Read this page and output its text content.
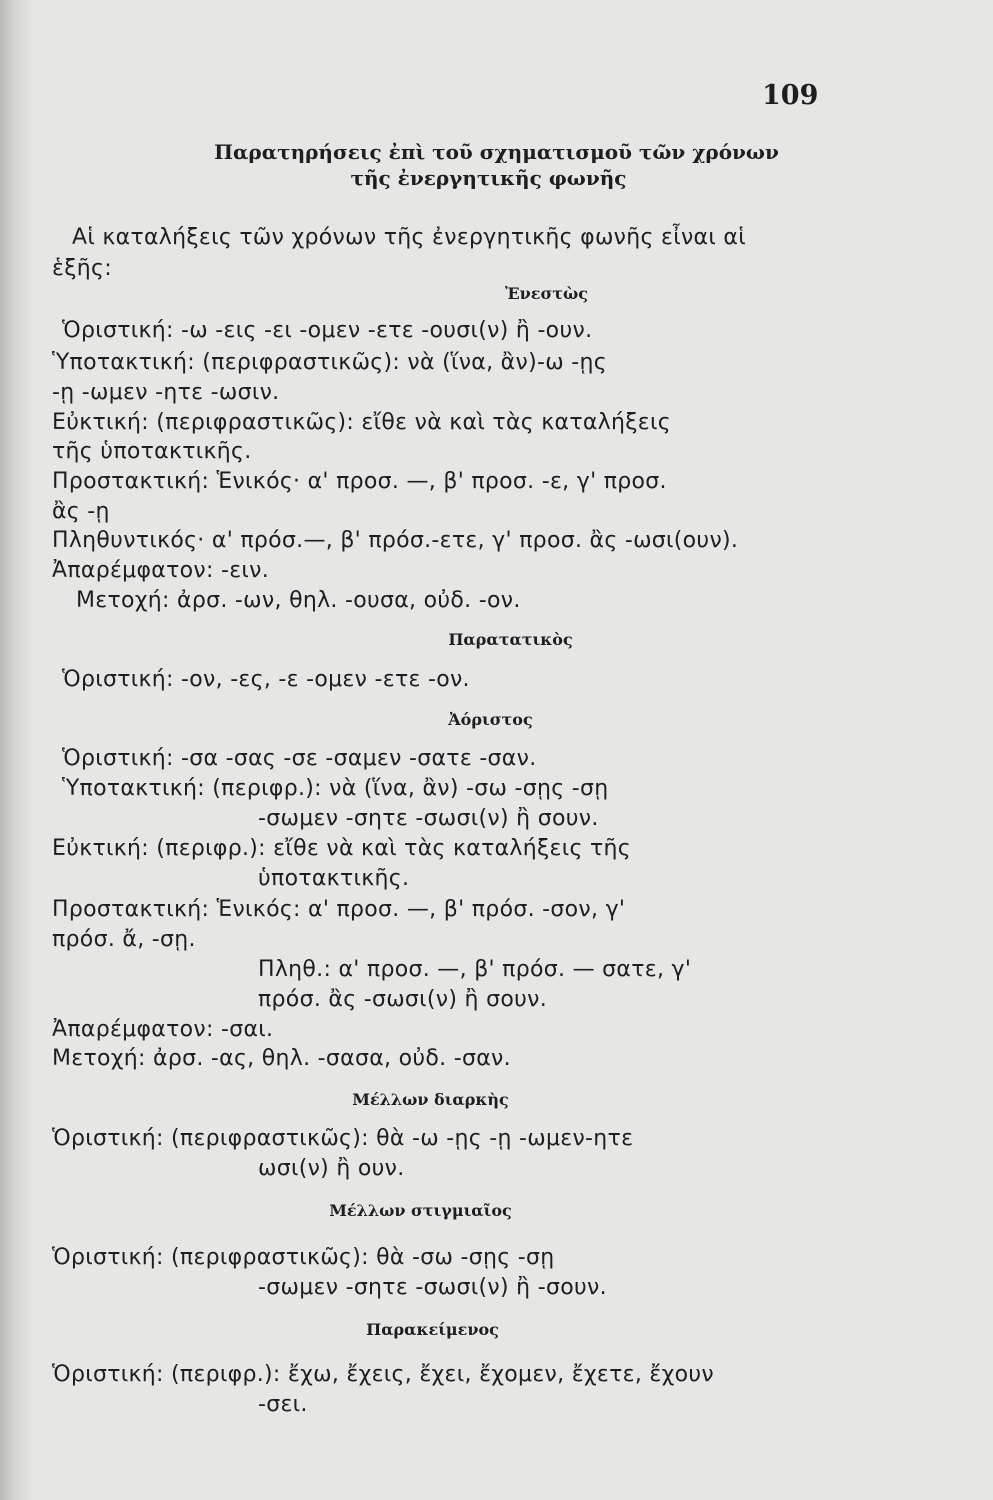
109
Παρατηρήσεις ἐπὶ τοῦ σχηματισμοῦ τῶν χρόνων
τῆς ἐνεργητικῆς φωνῆς
Αἱ καταλήξεις τῶν χρόνων τῆς ἐνεργητικῆς φωνῆς εἶναι αἱ
ἑξῆς:
Ἐνεστὼς
Ὁριστική: -ω -εις -ει -ομεν -ετε -ουσι(ν) ἢ -ουν.
Ὑποτακτική: (περιφραστικῶς): νὰ (ἵνα, ἂν)-ω -ῃς
-ῃ -ωμεν -ητε -ωσιν.
Εὐκτική: (περιφραστικῶς): εἴθε νὰ καὶ τὰς καταλήξεις
τῆς ὑποτακτικῆς.
Προστακτική: Ἑνικός· α' προσ. —, β' προσ. -ε, γ' προσ.
ἂς -ῃ
Πληθυντικός· α' πρόσ.—, β' πρόσ.-ετε, γ' προσ. ἂς -ωσι(ουν).
Ἀπαρέμφατον: -ειν.
Μετοχή: ἀρσ. -ων, θηλ. -ουσα, οὐδ. -ον.
Παρατατικὸς
Ὁριστική: -ον, -ες, -ε -ομεν -ετε -ον.
Ἀόριστος
Ὁριστική: -σα -σας -σε -σαμεν -σατε -σαν.
Ὑποτακτική: (περιφρ.): νὰ (ἵνα, ἂν) -σω -σῃς -σῃ
-σωμεν -σητε -σωσι(ν) ἢ σουν.
Εὐκτική: (περιφρ.): εἴθε νὰ καὶ τὰς καταλήξεις τῆς
ὑποτακτικῆς.
Προστακτική: Ἑνικός: α' προσ. —, β' πρόσ. -σον, γ'
πρόσ. ἄ, -σῃ.
Πληθ.: α' προσ. —, β' πρόσ. — σατε, γ'
πρόσ. ἂς -σωσι(ν) ἢ σουν.
Ἀπαρέμφατον: -σαι.
Μετοχή: ἀρσ. -ας, θηλ. -σασα, οὐδ. -σαν.
Μέλλων διαρκὴς
Ὁριστική: (περιφραστικῶς): θὰ -ω -ῃς -ῃ -ωμεν-ητε
ωσι(ν) ἢ ουν.
Μέλλων στιγμιαῖος
Ὁριστική: (περιφραστικῶς): θὰ -σω -σῃς -σῃ
-σωμεν -σητε -σωσι(ν) ἢ -σουν.
Παρακείμενος
Ὁριστική: (περιφρ.): ἔχω, ἔχεις, ἔχει, ἔχομεν, ἔχετε, ἔχουν
-σει.
